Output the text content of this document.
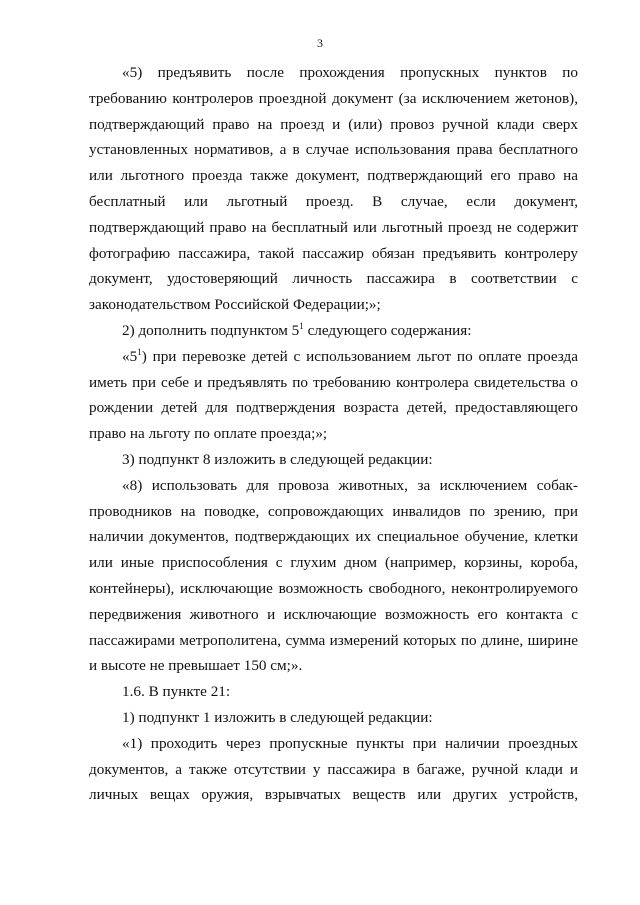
3

«5) предъявить после прохождения пропускных пунктов по требованию контролеров проездной документ (за исключением жетонов), подтверждающий право на проезд и (или) провоз ручной клади сверх установленных нормативов, а в случае использования права бесплатного или льготного проезда также документ, подтверждающий его право на бесплатный или льготный проезд. В случае, если документ, подтверждающий право на бесплатный или льготный проезд не содержит фотографию пассажира, такой пассажир обязан предъявить контролеру документ, удостоверяющий личность пассажира в соответствии с законодательством Российской Федерации;»;

2) дополнить подпунктом $5^1$ следующего содержания:

«$5^1$) при перевозке детей с использованием льгот по оплате проезда иметь при себе и предъявлять по требованию контролера свидетельства о рождении детей для подтверждения возраста детей, предоставляющего право на льготу по оплате проезда;»;

3) подпункт 8 изложить в следующей редакции:

«8) использовать для провоза животных, за исключением собак-проводников на поводке, сопровождающих инвалидов по зрению, при наличии документов, подтверждающих их специальное обучение, клетки или иные приспособления с глухим дном (например, корзины, короба, контейнеры), исключающие возможность свободного, неконтролируемого передвижения животного и исключающие возможность его контакта с пассажирами метрополитена, сумма измерений которых по длине, ширине и высоте не превышает 150 см;».

1.6. В пункте 21:

1) подпункт 1 изложить в следующей редакции:

«1) проходить через пропускные пункты при наличии проездных документов, а также отсутствии у пассажира в багаже, ручной клади и личных вещах оружия, взрывчатых веществ или других устройств,
